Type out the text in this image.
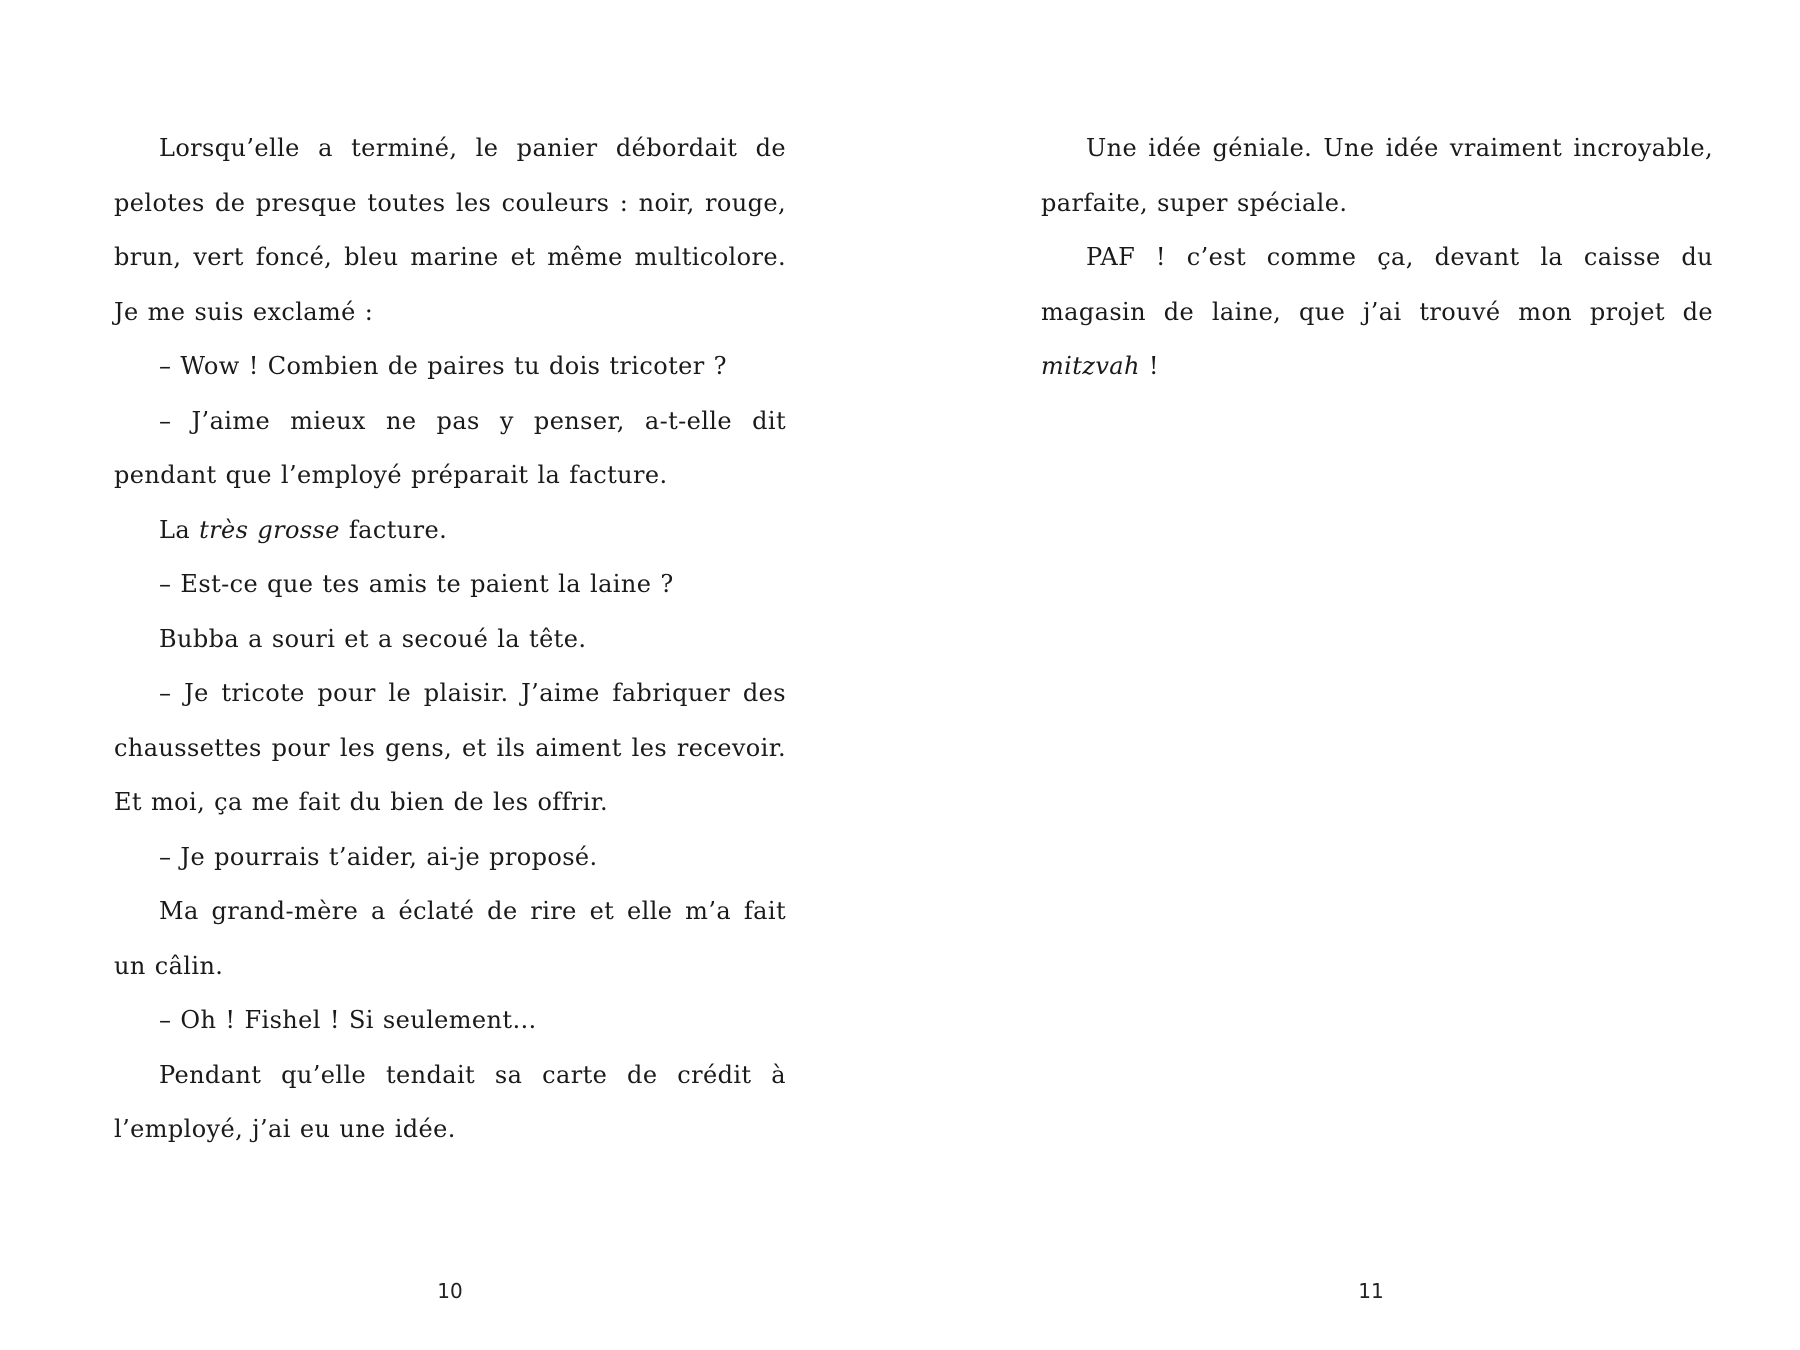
Lorsqu’elle a terminé, le panier débordait de pelotes de presque toutes les couleurs : noir, rouge, brun, vert foncé, bleu marine et même multicolore. Je me suis exclamé :

– Wow ! Combien de paires tu dois tricoter ?

– J’aime mieux ne pas y penser, a-t-elle dit pendant que l’employé préparait la facture.

La très grosse facture.

– Est-ce que tes amis te paient la laine ?

Bubba a souri et a secoué la tête.

– Je tricote pour le plaisir. J’aime fabriquer des chaussettes pour les gens, et ils aiment les recevoir. Et moi, ça me fait du bien de les offrir.

– Je pourrais t’aider, ai-je proposé.

Ma grand-mère a éclaté de rire et elle m’a fait un câlin.

– Oh ! Fishel ! Si seulement…

Pendant qu’elle tendait sa carte de crédit à l’employé, j’ai eu une idée.

10

Une idée géniale. Une idée vraiment incroyable, parfaite, super spéciale.

PAF ! c’est comme ça, devant la caisse du magasin de laine, que j’ai trouvé mon projet de mitzvah !

11
